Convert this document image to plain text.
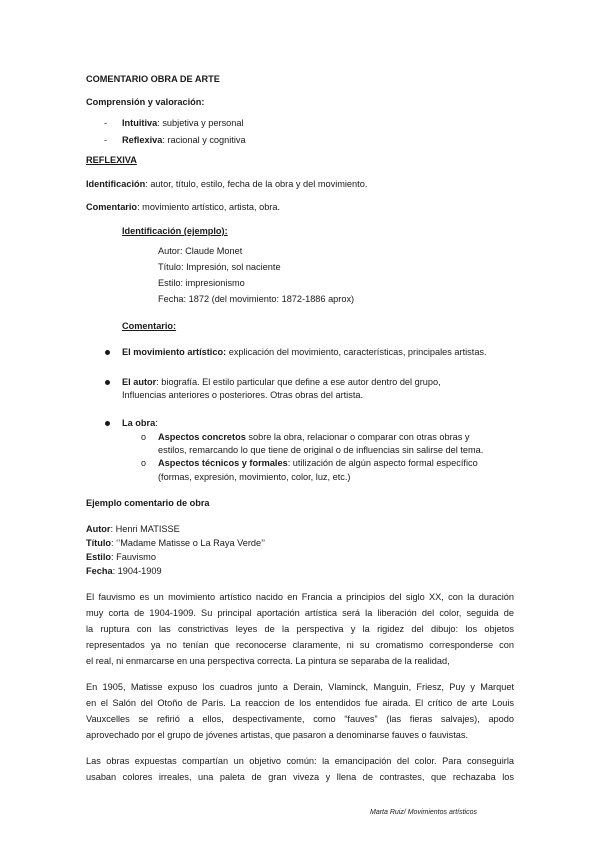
COMENTARIO OBRA DE ARTE
Comprensión y valoración:
- Intuitiva: subjetiva y personal
- Reflexiva: racional y cognitiva
REFLEXIVA
Identificación: autor, título, estilo, fecha de la obra y del movimiento.
Comentario: movimiento artístico, artista, obra.
Identificación (ejemplo):
Autor: Claude Monet
Título: Impresión, sol naciente
Estilo: impresionismo
Fecha: 1872 (del movimiento: 1872-1886 aprox)
Comentario:
El movimiento artístico: explicación del movimiento, características, principales artistas.
El autor: biografía. El estilo particular que define a ese autor dentro del grupo,
Influencias anteriores o posteriores. Otras obras del artista.
La obra:
o Aspectos concretos sobre la obra, relacionar o comparar con otras obras y
estilos, remarcando lo que tiene de original o de influencias sin salirse del tema.
o Aspectos técnicos y formales: utilización de algún aspecto formal específico
(formas, expresión, movimiento, color, luz, etc.)
Ejemplo comentario de obra
Autor: Henri MATISSE
Título: ‘’Madame Matisse o La Raya Verde’’
Estilo: Fauvismo
Fecha: 1904-1909
El fauvismo es un movimiento artístico nacido en Francia a principios del siglo XX, con la duración
muy corta de 1904-1909. Su principal aportación artística será la liberación del color, seguida de
la ruptura con las constrictivas leyes de la perspectiva y la rigidez del dibujo: los objetos
representados ya no tenían que reconocerse claramente, ni su cromatismo corresponderse con
el real, ni enmarcarse en una perspectiva correcta. La pintura se separaba de la realidad,
En 1905, Matisse expuso los cuadros junto a Derain, Vlaminck, Manguin, Friesz, Puy y Marquet
en el Salón del Otoño de París. La reaccion de los entendidos fue airada. El crítico de arte Louis
Vauxcelles se refirió a ellos, despectivamente, como “fauves” (las fieras salvajes), apodo
aprovechado por el grupo de jóvenes artistas, que pasaron a denominarse fauves o fauvistas.
Las obras expuestas compartían un objetivo común: la emancipación del color. Para conseguirla
usaban colores irreales, una paleta de gran viveza y llena de contrastes, que rechazaba los
Marta Ruiz/ Movimientos artísticos
